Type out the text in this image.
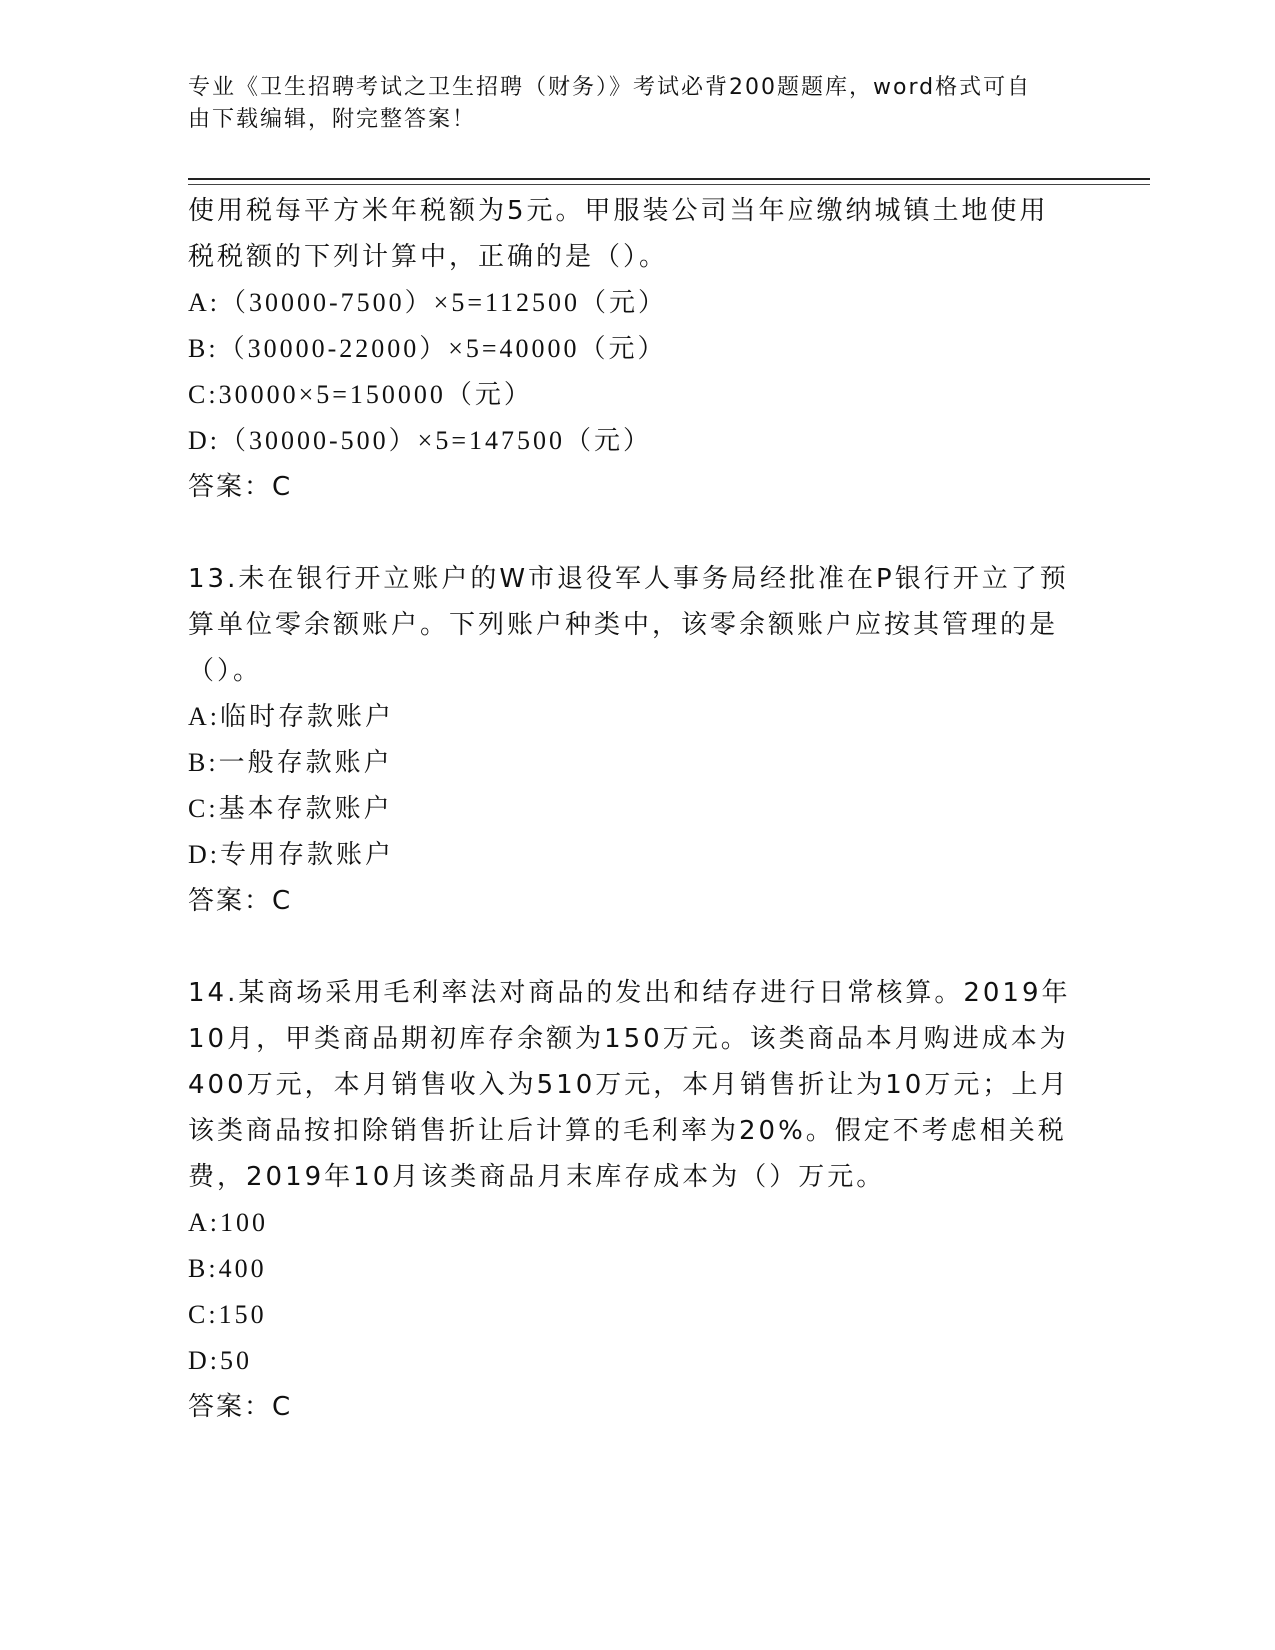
专业《卫生招聘考试之卫生招聘（财务）》考试必背200题题库，word格式可自
由下载编辑，附完整答案！
使用税每平方米年税额为5元。甲服装公司当年应缴纳城镇土地使用
税税额的下列计算中，正确的是（）。
A:（30000-7500）×5=112500（元）
B:（30000-22000）×5=40000（元）
C:30000×5=150000（元）
D:（30000-500）×5=147500（元）
答案：C
13.未在银行开立账户的W市退役军人事务局经批准在P银行开立了预
算单位零余额账户。下列账户种类中，该零余额账户应按其管理的是
（）。
A:临时存款账户
B:一般存款账户
C:基本存款账户
D:专用存款账户
答案：C
14.某商场采用毛利率法对商品的发出和结存进行日常核算。2019年
10月，甲类商品期初库存余额为150万元。该类商品本月购进成本为
400万元，本月销售收入为510万元，本月销售折让为10万元；上月
该类商品按扣除销售折让后计算的毛利率为20%。假定不考虑相关税
费，2019年10月该类商品月末库存成本为（）万元。
A:100
B:400
C:150
D:50
答案：C
